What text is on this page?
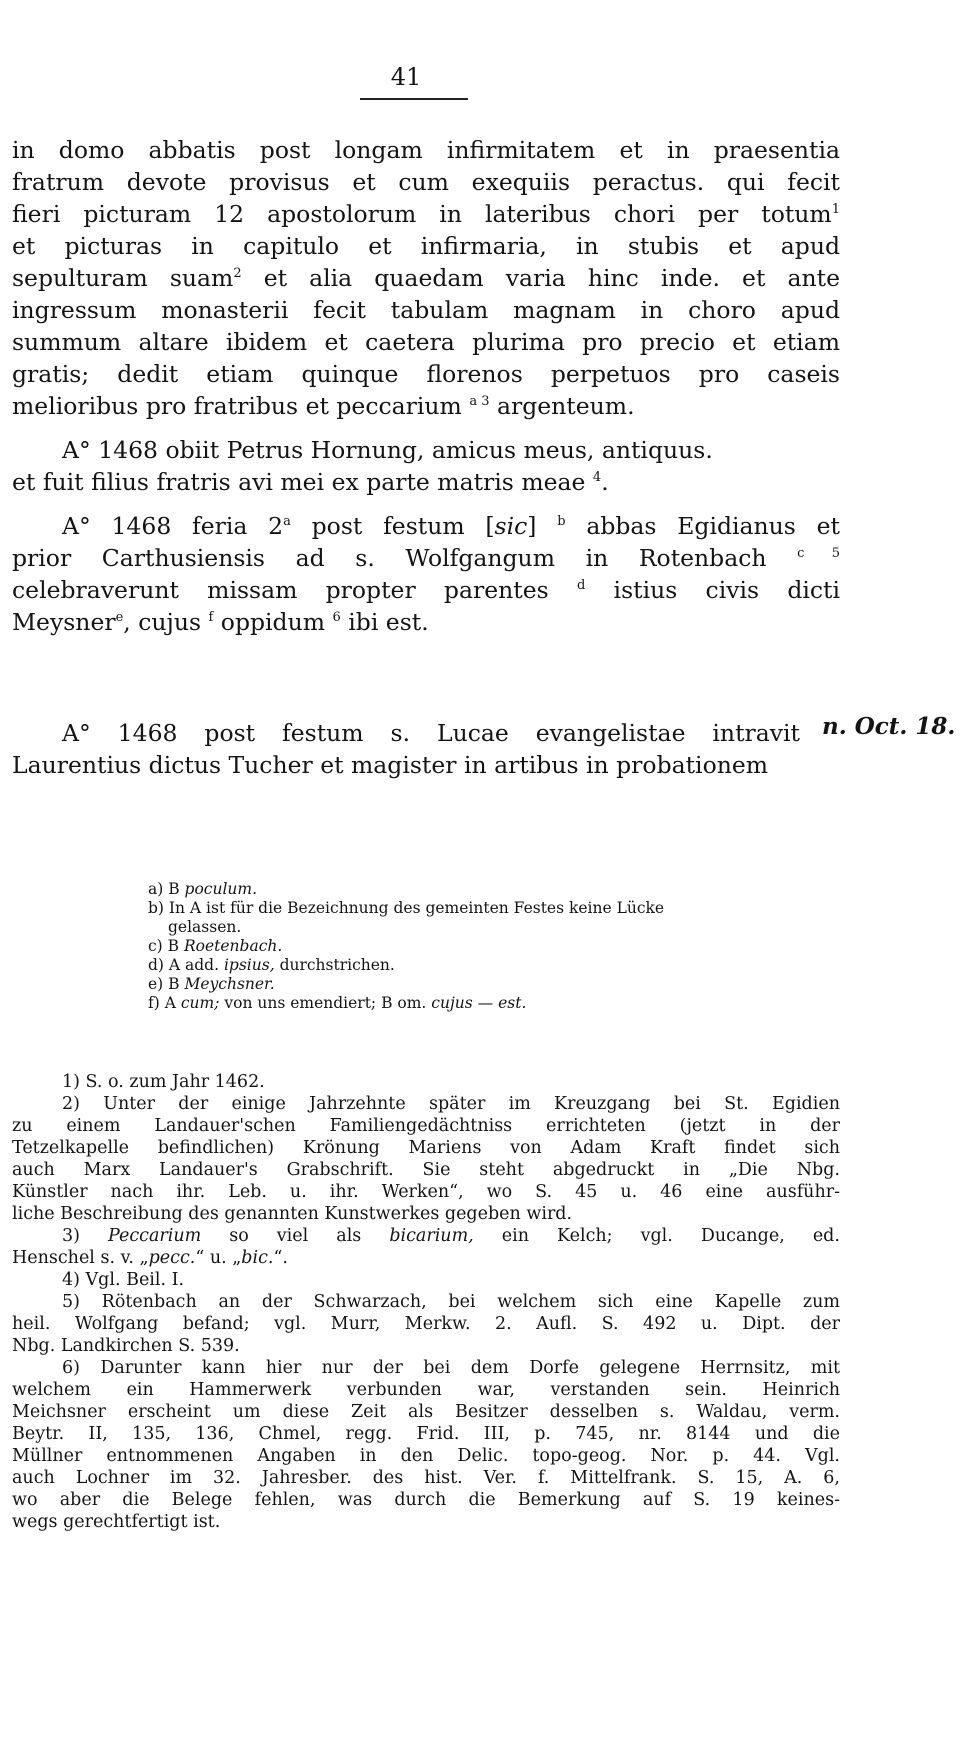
41

in domo abbatis post longam infirmitatem et in praesentia

fratrum devote provisus et cum exequiis peractus. qui fecit

fieri picturam 12 apostolorum in lateribus chori per totum$^1$

et picturas in capitulo et infirmaria, in stubis et apud

sepulturam suam$^2$ et alia quaedam varia hinc inde. et ante

ingressum monasterii fecit tabulam magnam in choro apud

summum altare ibidem et caetera plurima pro precio et etiam

gratis; dedit etiam quinque florenos perpetuos pro caseis

melioribus pro fratribus et peccarium $^{a 3}$ argenteum.

A° 1468 obiit Petrus Hornung, amicus meus, antiquus.

et fuit filius fratris avi mei ex parte matris meae $^4$.

A° 1468 feria 2$^a$ post festum [sic] $^b$ abbas Egidianus et

prior Carthusiensis ad s. Wolfgangum in Rotenbach $^{c 5}$

celebraverunt missam propter parentes $^d$ istius civis dicti

Meysner$^e$, cujus $^f$ oppidum $^6$ ibi est.

A° 1468 post festum s. Lucae evangelistae intravit

Laurentius dictus Tucher et magister in artibus in probationem

n. Oct. 18.

a) B poculum.

b) In A ist für die Bezeichnung des gemeinten Festes keine Lücke

gelassen.

c) B Roetenbach.

d) A add. ipsius, durchstrichen.

e) B Meychsner.

f) A cum; von uns emendiert; B om. cujus — est.

1) S. o. zum Jahr 1462.

2) Unter der einige Jahrzehnte später im Kreuzgang bei St. Egidien

zu einem Landauer'schen Familiengedächtniss errichteten (jetzt in der

Tetzelkapelle befindlichen) Krönung Mariens von Adam Kraft findet sich

auch Marx Landauer's Grabschrift. Sie steht abgedruckt in „Die Nbg.

Künstler nach ihr. Leb. u. ihr. Werken“, wo S. 45 u. 46 eine ausführ-

liche Beschreibung des genannten Kunstwerkes gegeben wird.

3) Peccarium so viel als bicarium, ein Kelch; vgl. Ducange, ed.

Henschel s. v. „pecc.“ u. „bic.“.

4) Vgl. Beil. I.

5) Rötenbach an der Schwarzach, bei welchem sich eine Kapelle zum

heil. Wolfgang befand; vgl. Murr, Merkw. 2. Aufl. S. 492 u. Dipt. der

Nbg. Landkirchen S. 539.

6) Darunter kann hier nur der bei dem Dorfe gelegene Herrnsitz, mit

welchem ein Hammerwerk verbunden war, verstanden sein. Heinrich

Meichsner erscheint um diese Zeit als Besitzer desselben s. Waldau, verm.

Beytr. II, 135, 136, Chmel, regg. Frid. III, p. 745, nr. 8144 und die

Müllner entnommenen Angaben in den Delic. topo-geog. Nor. p. 44. Vgl.

auch Lochner im 32. Jahresber. des hist. Ver. f. Mittelfrank. S. 15, A. 6,

wo aber die Belege fehlen, was durch die Bemerkung auf S. 19 keines-

wegs gerechtfertigt ist.
